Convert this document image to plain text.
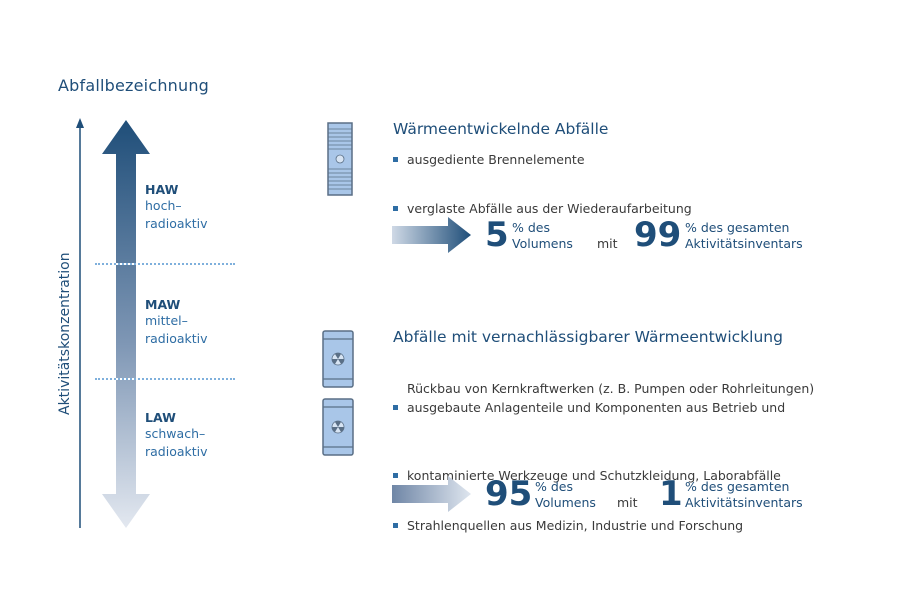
Abfallbezeichnung
Aktivitätskonzentration
HAW
hoch–
radioaktiv
MAW
mittel–
radioaktiv
LAW
schwach–
radioaktiv
Wärmeentwickelnde Abfälle
ausgediente Brennelemente
verglaste Abfälle aus der Wiederaufarbeitung
5 % des
Volumens mit 99 % des gesamten
Aktivitätsinventars
Abfälle mit vernachlässigbarer Wärmeentwicklung
ausgebaute Anlagenteile und Komponenten aus Betrieb und
Rückbau von Kernkraftwerken (z. B. Pumpen oder Rohrleitungen)
kontaminierte Werkzeuge und Schutzkleidung, Laborabfälle
Strahlenquellen aus Medizin, Industrie und Forschung
95 % des
Volumens mit 1 % des gesamten
Aktivitätsinventars
